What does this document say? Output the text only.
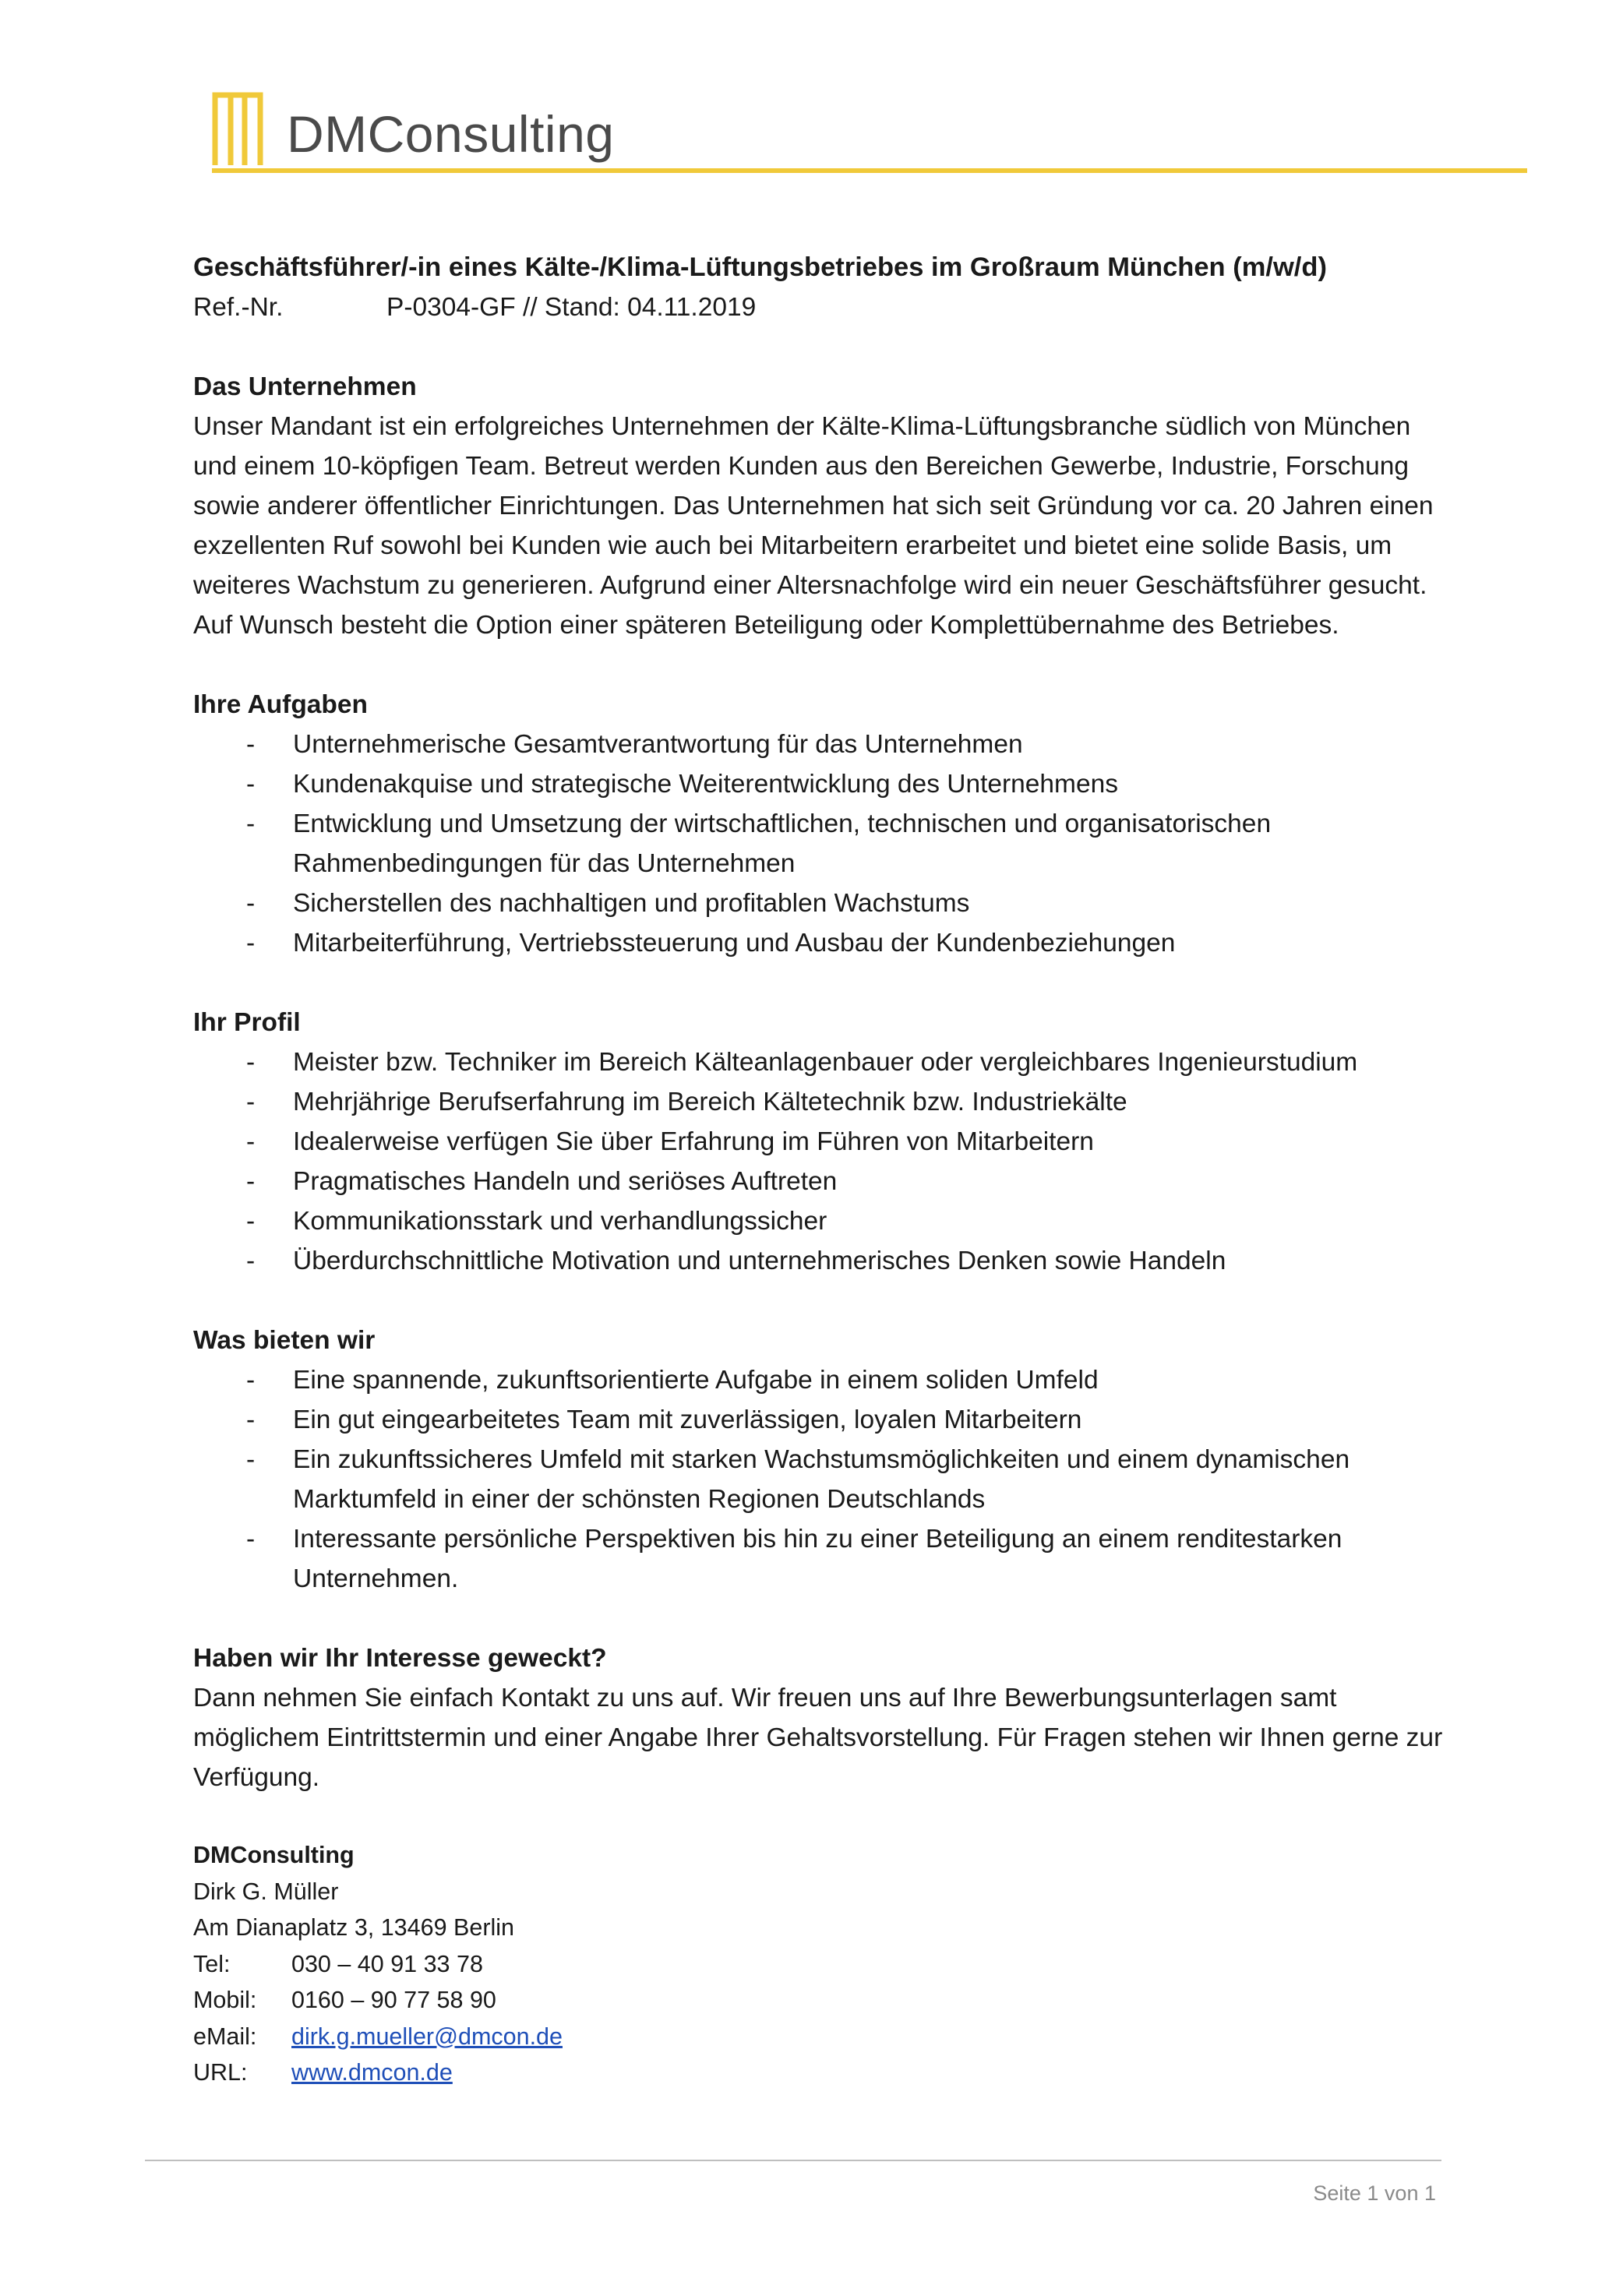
DMConsulting
Geschäftsführer/-in eines Kälte-/Klima-Lüftungsbetriebes im Großraum München (m/w/d)

Ref.-Nr.	P-0304-GF // Stand: 04.11.2019

Das Unternehmen

Unser Mandant ist ein erfolgreiches Unternehmen der Kälte-Klima-Lüftungsbranche südlich von München und einem 10-köpfigen Team. Betreut werden Kunden aus den Bereichen Gewerbe, Industrie, Forschung sowie anderer öffentlicher Einrichtungen. Das Unternehmen hat sich seit Gründung vor ca. 20 Jahren einen exzellenten Ruf sowohl bei Kunden wie auch bei Mitarbeitern erarbeitet und bietet eine solide Basis, um weiteres Wachstum zu generieren. Aufgrund einer Altersnachfolge wird ein neuer Geschäftsführer gesucht. Auf Wunsch besteht die Option einer späteren Beteiligung oder Komplettübernahme des Betriebes.

Ihre Aufgaben

- Unternehmerische Gesamtverantwortung für das Unternehmen
- Kundenakquise und strategische Weiterentwicklung des Unternehmens
- Entwicklung und Umsetzung der wirtschaftlichen, technischen und organisatorischen Rahmenbedingungen für das Unternehmen
- Sicherstellen des nachhaltigen und profitablen Wachstums
- Mitarbeiterführung, Vertriebssteuerung und Ausbau der Kundenbeziehungen

Ihr Profil

- Meister bzw. Techniker im Bereich Kälteanlagenbauer oder vergleichbares Ingenieurstudium
- Mehrjährige Berufserfahrung im Bereich Kältetechnik bzw. Industriekälte
- Idealerweise verfügen Sie über Erfahrung im Führen von Mitarbeitern
- Pragmatisches Handeln und seriöses Auftreten
- Kommunikationsstark und verhandlungssicher
- Überdurchschnittliche Motivation und unternehmerisches Denken sowie Handeln

Was bieten wir

- Eine spannende, zukunftsorientierte Aufgabe in einem soliden Umfeld
- Ein gut eingearbeitetes Team mit zuverlässigen, loyalen Mitarbeitern
- Ein zukunftssicheres Umfeld mit starken Wachstumsmöglichkeiten und einem dynamischen Marktumfeld in einer der schönsten Regionen Deutschlands
- Interessante persönliche Perspektiven bis hin zu einer Beteiligung an einem renditestarken Unternehmen.

Haben wir Ihr Interesse geweckt?

Dann nehmen Sie einfach Kontakt zu uns auf. Wir freuen uns auf Ihre Bewerbungsunterlagen samt möglichem Eintrittstermin und einer Angabe Ihrer Gehaltsvorstellung. Für Fragen stehen wir Ihnen gerne zur Verfügung.

DMConsulting
Dirk G. Müller
Am Dianaplatz 3, 13469 Berlin
Tel:	030 – 40 91 33 78
Mobil: 0160 – 90 77 58 90
eMail: dirk.g.mueller@dmcon.de
URL: www.dmcon.de
Seite 1 von 1
